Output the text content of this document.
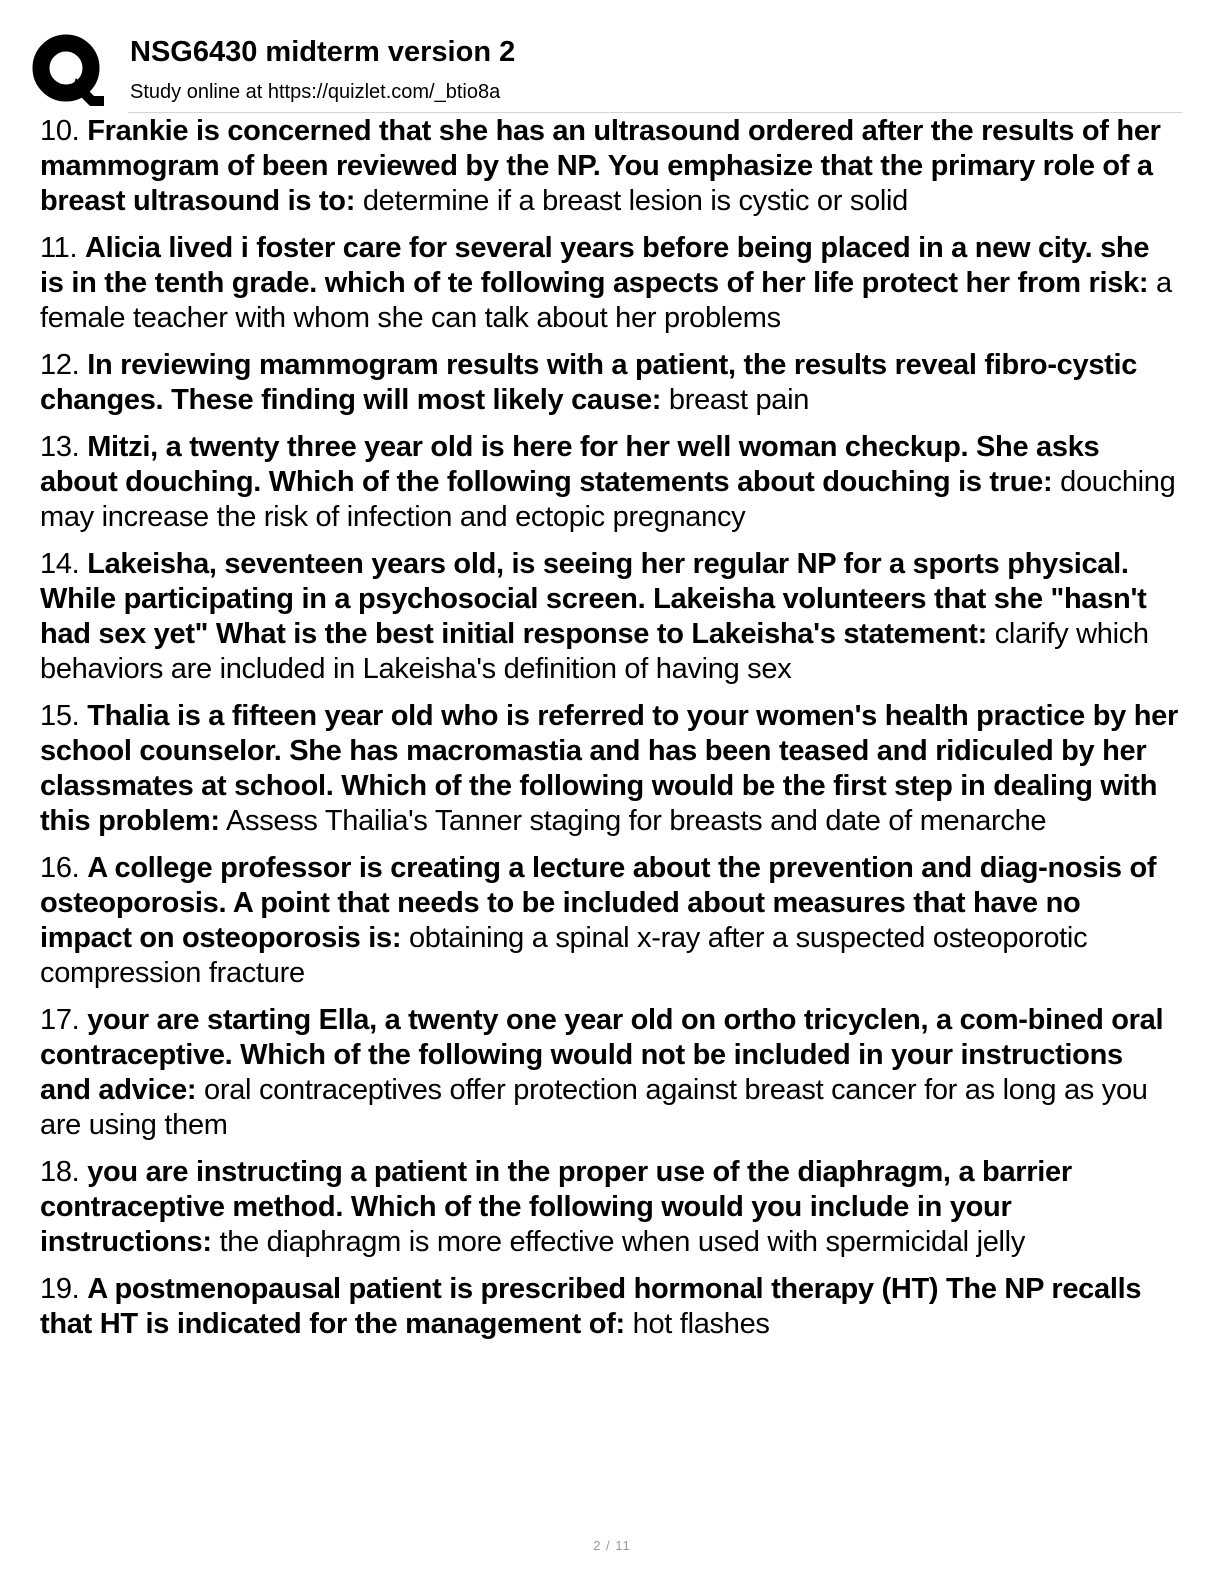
NSG6430 midterm version 2
Study online at https://quizlet.com/_btio8a
10. Frankie is concerned that she has an ultrasound ordered after the results of her mammogram of been reviewed by the NP. You emphasize that the primary role of a breast ultrasound is to: determine if a breast lesion is cystic or solid
11. Alicia lived i foster care for several years before being placed in a new city. she is in the tenth grade. which of te following aspects of her life protect her from risk: a female teacher with whom she can talk about her problems
12. In reviewing mammogram results with a patient, the results reveal fibro-cystic changes. These finding will most likely cause: breast pain
13. Mitzi, a twenty three year old is here for her well woman checkup. She asks about douching. Which of the following statements about douching is true: douching may increase the risk of infection and ectopic pregnancy
14. Lakeisha, seventeen years old, is seeing her regular NP for a sports physical. While participating in a psychosocial screen. Lakeisha volunteers that she "hasn't had sex yet" What is the best initial response to Lakeisha's statement: clarify which behaviors are included in Lakeisha's definition of having sex
15. Thalia is a fifteen year old who is referred to your women's health practice by her school counselor. She has macromastia and has been teased and ridiculed by her classmates at school. Which of the following would be the first step in dealing with this problem: Assess Thailia's Tanner staging for breasts and date of menarche
16. A college professor is creating a lecture about the prevention and diag-nosis of osteoporosis. A point that needs to be included about measures that have no impact on osteoporosis is: obtaining a spinal x-ray after a suspected osteoporotic compression fracture
17. your are starting Ella, a twenty one year old on ortho tricyclen, a com-bined oral contraceptive. Which of the following would not be included in your instructions and advice: oral contraceptives offer protection against breast cancer for as long as you are using them
18. you are instructing a patient in the proper use of the diaphragm, a barrier contraceptive method. Which of the following would you include in your instructions: the diaphragm is more effective when used with spermicidal jelly
19. A postmenopausal patient is prescribed hormonal therapy (HT) The NP recalls that HT is indicated for the management of: hot flashes
2 / 11
